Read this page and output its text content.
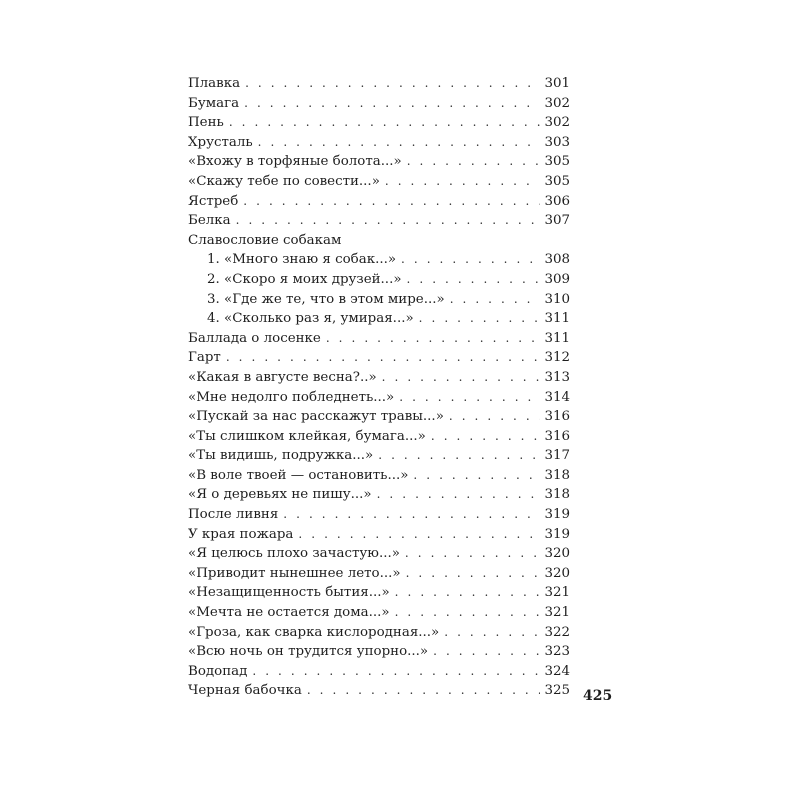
Плавка . . .	301
Бумага . . .	302
Пень . . .	302
Хрусталь . . .	303
«Вхожу в торфяные болота...» . . .	305
«Скажу тебе по совести...» . . .	305
Ястреб . . .	306
Белка . . .	307
Славословие собакам
1. «Много знаю я собак...» . . .	308
2. «Скоро я моих друзей...» . . .	309
3. «Где же те, что в этом мире...» . . .	310
4. «Сколько раз я, умирая...» . . .	311
Баллада о лосенке . . .	311
Гарт . . .	312
«Какая в августе весна?..» . . .	313
«Мне недолго побледнеть...» . . .	314
«Пускай за нас расскажут травы...» . . .	316
«Ты слишком клейкая, бумага...» . . .	316
«Ты видишь, подружка...» . . .	317
«В воле твоей — остановить...» . . .	318
«Я о деревьях не пишу...» . . .	318
После ливня . . .	319
У края пожара . . .	319
«Я целюсь плохо зачастую...» . . .	320
«Приводит нынешнее лето...» . . .	320
«Незащищенность бытия...» . . .	321
«Мечта не остается дома...» . . .	321
«Гроза, как сварка кислородная...» . . .	322
«Всю ночь он трудится упорно...» . . .	323
Водопад . . .	324
Черная бабочка . . .	325 425
